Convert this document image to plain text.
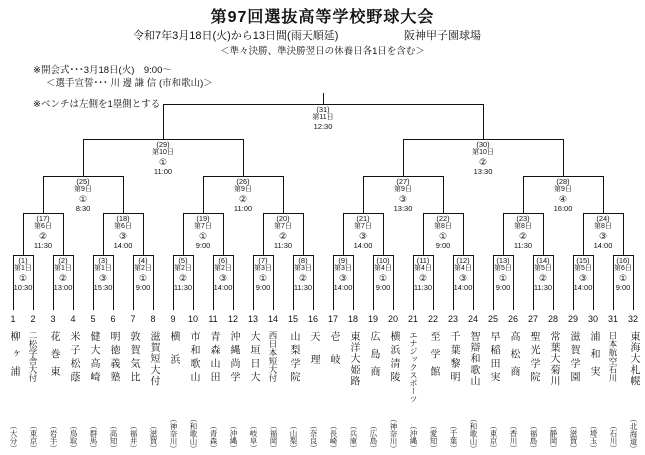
第97回選抜高等学校野球大会
令和7年3月18日(火)から13日間(雨天順延)	阪神甲子園球場
＜準々決勝、準決勝翌日の休養日各1日を含む＞
※開会式･･･3月18日(火)　9:00～
＜選手宣誓･･･ 川 邊 謙 信 (市和歌山)＞
※ベンチは左側を1塁側とする
(1)
第1日
①
10:30
(2)
第1日
②
13:00
(3)
第1日
③
15:30
(4)
第2日
①
9:00
(5)
第2日
②
11:30
(6)
第2日
③
14:00
(7)
第3日
①
9:00
(8)
第3日
②
11:30
(9)
第3日
③
14:00
(10)
第4日
①
9:00
(11)
第4日
②
11:30
(12)
第4日
③
14:00
(13)
第5日
①
9:00
(14)
第5日
②
11:30
(15)
第5日
③
14:00
(16)
第6日
①
9:00
(17)
第6日
②
11:30
(18)
第6日
③
14:00
(19)
第7日
①
9:00
(20)
第7日
②
11:30
(21)
第7日
③
14:00
(22)
第8日
①
9:00
(23)
第8日
②
11:30
(24)
第8日
③
14:00
(25)
第9日
①
8:30
(26)
第9日
②
11:00
(27)
第9日
③
13:30
(28)
第9日
④
16:00
(29)
第10日
①
11:00
(30)
第10日
②
13:30
(31)
第11日
12:30
1	2	3	4	5	6	7	8	9	10	11	12	13	14	15	16	17	18	19	20	21	22	23	24	25	26	27	28	29	30	31	32
柳ヶ浦
（大分）
二松学舎大付
（東京）
花巻東
（岩手）
米子松蔭
（鳥取）
健大高崎
（群馬）
明徳義塾
（高知）
敦賀気比
（福井）
滋賀短大付
（滋賀）
横浜
（神奈川）
市和歌山
（和歌山）
青森山田
（青森）
沖縄尚学
（沖縄）
大垣日大
（岐阜）
西日本短大付
（福岡）
山梨学院
（山梨）
天理
（奈良）
壱岐
（長崎）
東洋大姫路
（兵庫）
広島商
（広島）
横浜清陵
（神奈川）
エナジックスポーツ
（沖縄）
至学館
（愛知）
千葉黎明
（千葉）
智辯和歌山
（和歌山）
早稲田実
（東京）
高松商
（香川）
聖光学院
（福島）
常葉大菊川
（静岡）
滋賀学園
（滋賀）
浦和実
（埼玉）
日本航空石川
（石川）
東海大札幌
（北海道）
